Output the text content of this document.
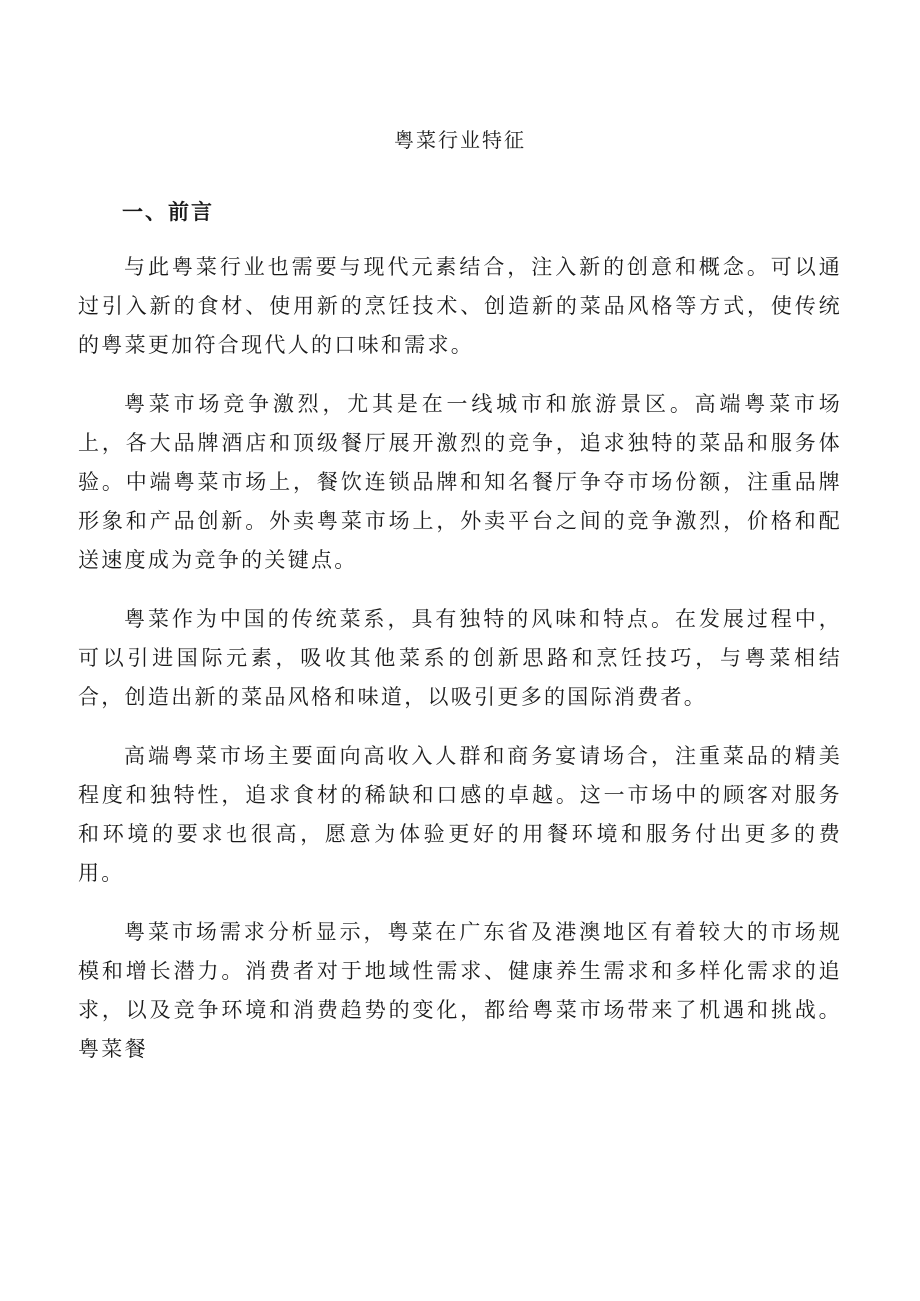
粤菜行业特征
一、前言

与此粤菜行业也需要与现代元素结合，注入新的创意和概念。可以通过引入新的食材、使用新的烹饪技术、创造新的菜品风格等方式，使传统的粤菜更加符合现代人的口味和需求。

粤菜市场竞争激烈，尤其是在一线城市和旅游景区。高端粤菜市场上，各大品牌酒店和顶级餐厅展开激烈的竞争，追求独特的菜品和服务体验。中端粤菜市场上，餐饮连锁品牌和知名餐厅争夺市场份额，注重品牌形象和产品创新。外卖粤菜市场上，外卖平台之间的竞争激烈，价格和配送速度成为竞争的关键点。

粤菜作为中国的传统菜系，具有独特的风味和特点。在发展过程中，可以引进国际元素，吸收其他菜系的创新思路和烹饪技巧，与粤菜相结合，创造出新的菜品风格和味道，以吸引更多的国际消费者。

高端粤菜市场主要面向高收入人群和商务宴请场合，注重菜品的精美程度和独特性，追求食材的稀缺和口感的卓越。这一市场中的顾客对服务和环境的要求也很高，愿意为体验更好的用餐环境和服务付出更多的费用。

粤菜市场需求分析显示，粤菜在广东省及港澳地区有着较大的市场规模和增长潜力。消费者对于地域性需求、健康养生需求和多样化需求的追求，以及竞争环境和消费趋势的变化，都给粤菜市场带来了机遇和挑战。粤菜餐
